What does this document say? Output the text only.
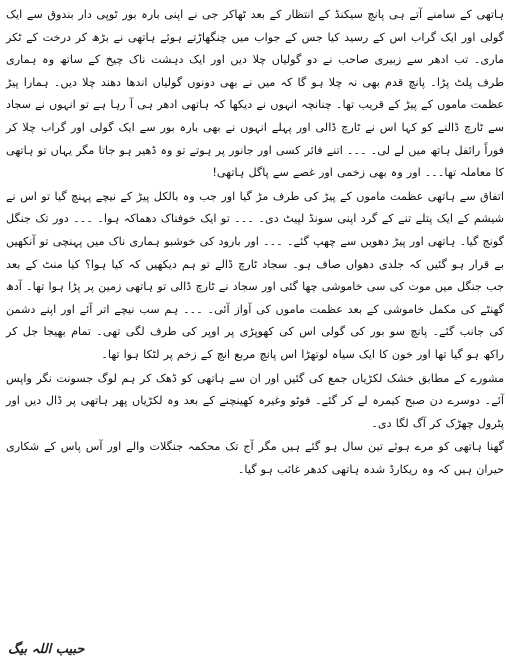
ہاتھی کے سامنے آتے ہی پانچ سیکنڈ کے انتظار کے بعد ٹھاکر جی نے اپنی بارہ بور ٹوپی دار بندوق سے ایک گولی اور ایک گراب اس کے رسید کیا جس کے جواب میں چنگھاڑتے ہوئے ہاتھی نے بڑھ کر درخت کے ٹکر ماری۔ تب ادھر سے زبیری صاحب نے دو گولیاں چلا دیں اور ایک دہشت ناک چیخ کے ساتھ وہ ہماری طرف پلٹ پڑا۔ پانچ قدم بھی نہ چلا ہو گا کہ میں نے بھی دونوں گولیاں اندھا دھند چلا دیں۔ ہمارا پیڑ عظمت ماموں کے پیڑ کے قریب تھا۔ چنانچہ انہوں نے دیکھا کہ ہاتھی ادھر ہی آ رہا ہے تو انہوں نے سجاد سے ٹارچ ڈالنے کو کہا اس نے ٹارچ ڈالی اور پہلے انہوں نے بھی بارہ بور سے ایک گولی اور گراب چلا کر فوراً رائفل ہاتھ میں لے لی۔ ۔۔۔ اتنے فائر کسی اور جانور پر ہوتے تو وہ ڈھیر ہو جاتا مگر یہاں تو ہاتھی کا معاملہ تھا۔۔۔ اور وہ بھی زخمی اور غصے سے پاگل ہاتھی!

اتفاق سے ہاتھی عظمت ماموں کے پیڑ کی طرف مڑ گیا اور جب وہ بالکل پیڑ کے نیچے پہنچ گیا تو اس نے شیشم کے ایک پتلے تنے کے گرد اپنی سونڈ لپیٹ دی۔ ۔۔۔ تو ایک خوفناک دھماکہ ہوا۔ ۔۔۔ دور تک جنگل گونج گیا۔ ہاتھی اور پیڑ دھویں سے چھپ گئے۔ ۔۔۔ اور بارود کی خوشبو ہماری ناک میں پہنچی تو آنکھیں بے قرار ہو گئیں کہ جلدی دھواں صاف ہو۔ سجاد ٹارچ ڈالے تو ہم دیکھیں کہ کیا ہوا؟ کیا منٹ کے بعد جب جنگل میں موت کی سی خاموشی چھا گئی اور سجاد نے ٹارچ ڈالی تو ہاتھی زمین پر پڑا ہوا تھا۔ آدھ گھنٹے کی مکمل خاموشی کے بعد عظمت ماموں کی آواز آئی۔ ۔۔۔ ہم سب نیچے اتر آئے اور اپنے دشمن کی جانب گئے۔ پانچ سو بور کی گولی اس کی کھوپڑی پر اوپر کی طرف لگی تھی۔ تمام بھیجا جل کر راکھ ہو گیا تھا اور خون کا ایک سیاہ لوتھڑا اس پانچ مربع انچ کے زخم پر لٹکا ہوا تھا۔

مشورے کے مطابق خشک لکڑیاں جمع کی گئیں اور ان سے ہاتھی کو ڈھک کر ہم لوگ جسونت نگر واپس آئے۔ دوسرے دن صبح کیمرہ لے کر گئے۔ فوٹو وغیرہ کھینچنے کے بعد وہ لکڑیاں پھر ہاتھی پر ڈال دیں اور پٹرول چھڑک کر آگ لگا دی۔

گھنا ہاتھی کو مرے ہوئے تین سال ہو گئے ہیں مگر آج تک محکمہ جنگلات والے اور آس پاس کے شکاری حیران ہیں کہ وہ ریکارڈ شدہ ہاتھی کدھر غائب ہو گیا۔

حبیب اللہ بیگ
